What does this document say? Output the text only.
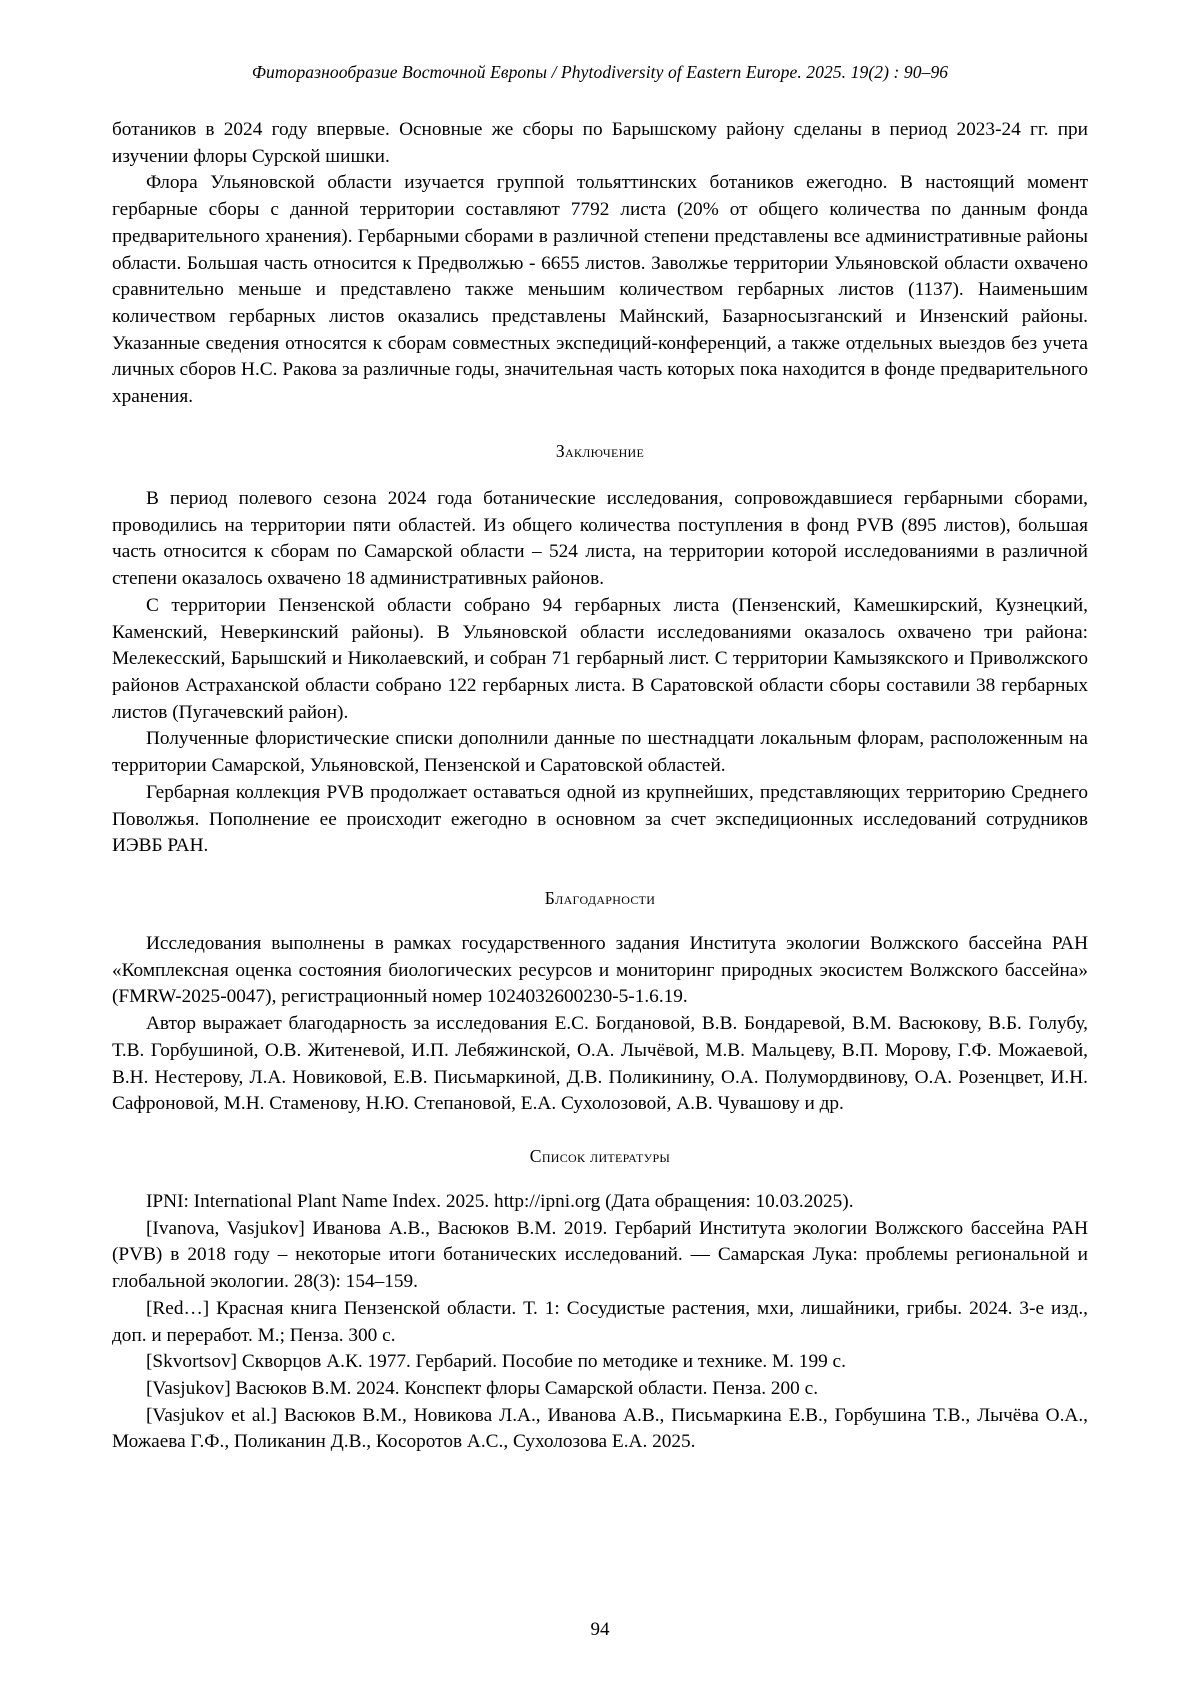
Фиторазнообразие Восточной Европы / Phytodiversity of Eastern Europe. 2025. 19(2) : 90–96

ботаников в 2024 году впервые. Основные же сборы по Барышскому району сделаны в период 2023-24 гг. при изучении флоры Сурской шишки.

Флора Ульяновской области изучается группой тольяттинских ботаников ежегодно. В настоящий момент гербарные сборы с данной территории составляют 7792 листа (20% от общего количества по данным фонда предварительного хранения). Гербарными сборами в различной степени представлены все административные районы области. Большая часть относится к Предволжью - 6655 листов. Заволжье территории Ульяновской области охвачено сравнительно меньше и представлено также меньшим количеством гербарных листов (1137). Наименьшим количеством гербарных листов оказались представлены Майнский, Базарносызганский и Инзенский районы. Указанные сведения относятся к сборам совместных экспедиций-конференций, а также отдельных выездов без учета личных сборов Н.С. Ракова за различные годы, значительная часть которых пока находится в фонде предварительного хранения.

Заключение

В период полевого сезона 2024 года ботанические исследования, сопровождавшиеся гербарными сборами, проводились на территории пяти областей. Из общего количества поступления в фонд PVB (895 листов), большая часть относится к сборам по Самарской области – 524 листа, на территории которой исследованиями в различной степени оказалось охвачено 18 административных районов.

С территории Пензенской области собрано 94 гербарных листа (Пензенский, Камешкирский, Кузнецкий, Каменский, Неверкинский районы). В Ульяновской области исследованиями оказалось охвачено три района: Мелекесский, Барышский и Николаевский, и собран 71 гербарный лист. С территории Камызякского и Приволжского районов Астраханской области собрано 122 гербарных листа. В Саратовской области сборы составили 38 гербарных листов (Пугачевский район).

Полученные флористические списки дополнили данные по шестнадцати локальным флорам, расположенным на территории Самарской, Ульяновской, Пензенской и Саратовской областей.

Гербарная коллекция PVB продолжает оставаться одной из крупнейших, представляющих территорию Среднего Поволжья. Пополнение ее происходит ежегодно в основном за счет экспедиционных исследований сотрудников ИЭВБ РАН.

Благодарности

Исследования выполнены в рамках государственного задания Института экологии Волжского бассейна РАН «Комплексная оценка состояния биологических ресурсов и мониторинг природных экосистем Волжского бассейна» (FMRW-2025-0047), регистрационный номер 1024032600230-5-1.6.19.

Автор выражает благодарность за исследования Е.С. Богдановой, В.В. Бондаревой, В.М. Васюкову, В.Б. Голубу, Т.В. Горбушиной, О.В. Житеневой, И.П. Лебяжинской, О.А. Лычёвой, М.В. Мальцеву, В.П. Морову, Г.Ф. Можаевой, В.Н. Нестерову, Л.А. Новиковой, Е.В. Письмаркиной, Д.В. Поликинину, О.А. Полумордвинову, О.А. Розенцвет, И.Н. Сафроновой, М.Н. Стаменову, Н.Ю. Степановой, Е.А. Сухолозовой, А.В. Чувашову и др.

Список литературы

IPNI: International Plant Name Index. 2025. http://ipni.org (Дата обращения: 10.03.2025).

[Ivanova, Vasjukov] Иванова А.В., Васюков В.М. 2019. Гербарий Института экологии Волжского бассейна РАН (PVB) в 2018 году – некоторые итоги ботанических исследований. — Самарская Лука: проблемы региональной и глобальной экологии. 28(3): 154–159.

[Red…] Красная книга Пензенской области. Т. 1: Сосудистые растения, мхи, лишайники, грибы. 2024. 3-е изд., доп. и переработ. М.; Пенза. 300 с.

[Skvortsov] Скворцов А.К. 1977. Гербарий. Пособие по методике и технике. М. 199 с.

[Vasjukov] Васюков В.М. 2024. Конспект флоры Самарской области. Пенза. 200 с.

[Vasjukov et al.] Васюков В.М., Новикова Л.А., Иванова А.В., Письмаркина Е.В., Горбушина Т.В., Лычёва О.А., Можаева Г.Ф., Поликанин Д.В., Косоротов А.С., Сухолозова Е.А. 2025.

94
